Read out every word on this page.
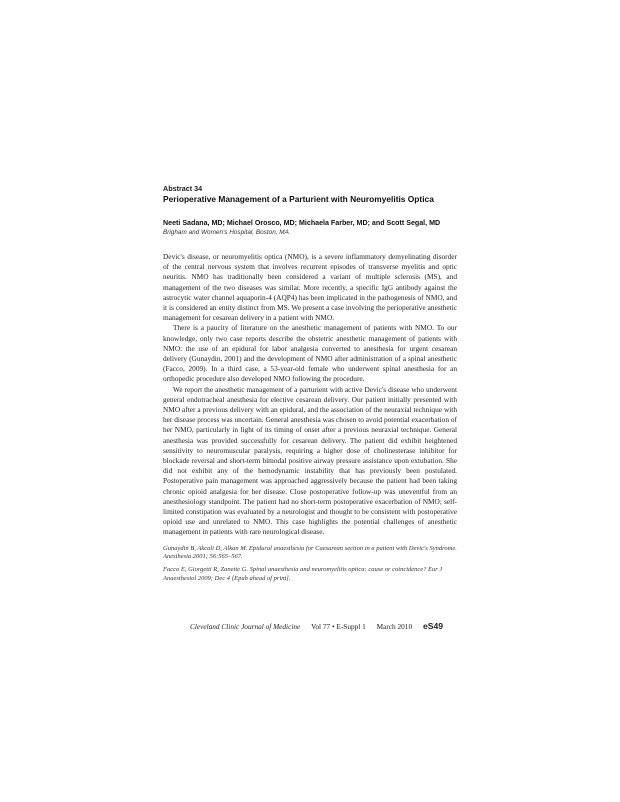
Abstract 34

Perioperative Management of a Parturient with Neuromyelitis Optica

Neeti Sadana, MD; Michael Orosco, MD; Michaela Farber, MD; and Scott Segal, MD

Brigham and Women's Hospital, Boston, MA

Devic's disease, or neuromyelitis optica (NMO), is a severe inflammatory demyelinating disorder of the central nervous system that involves recurrent episodes of transverse myelitis and optic neuritis. NMO has traditionally been considered a variant of multiple sclerosis (MS), and management of the two diseases was similar. More recently, a specific IgG antibody against the astrocytic water channel aquaporin-4 (AQP4) has been implicated in the pathogenesis of NMO, and it is considered an entity distinct from MS. We present a case involving the perioperative anesthetic management for cesarean delivery in a patient with NMO.

There is a paucity of literature on the anesthetic management of patients with NMO. To our knowledge, only two case reports describe the obstetric anesthetic management of patients with NMO: the use of an epidural for labor analgesia converted to anesthesia for urgent cesarean delivery (Gunaydin, 2001) and the development of NMO after administration of a spinal anesthetic (Facco, 2009). In a third case, a 53-year-old female who underwent spinal anesthesia for an orthopedic procedure also developed NMO following the procedure.

We report the anesthetic management of a parturient with active Devic's disease who underwent general endotracheal anesthesia for elective cesarean delivery. Our patient initially presented with NMO after a previous delivery with an epidural, and the association of the neuraxial technique with her disease process was uncertain. General anesthesia was chosen to avoid potential exacerbation of her NMO, particularly in light of its timing of onset after a previous neuraxial technique. General anesthesia was provided successfully for cesarean delivery. The patient did exhibit heightened sensitivity to neuromuscular paralysis, requiring a higher dose of cholinesterase inhibitor for blockade reversal and short-term bimodal positive airway pressure assistance upon extubation. She did not exhibit any of the hemodynamic instability that has previously been postulated. Postoperative pain management was approached aggressively because the patient had been taking chronic opioid analgesia for her disease. Close postoperative follow-up was uneventful from an anesthesiology standpoint. The patient had no short-term postoperative exacerbation of NMO; self-limited constipation was evaluated by a neurologist and thought to be consistent with postoperative opioid use and unrelated to NMO. This case highlights the potential challenges of anesthetic management in patients with rare neurological disease.

Gunaydin B, Akcali D, Alkan M. Epidural anaesthesia for Caesarean section in a patient with Devic's Syndrome. Anesthesia 2001; 56:565–567.

Facco E, Giorgetti R, Zanette G. Spinal anaesthesia and neuromyelitis optica: cause or coincidence? Eur J Anaesthesiol 2009; Dec 4 [Epub ahead of print].

Cleveland Clinic Journal of Medicine Vol 77 • E-Suppl 1 March 2010 eS49
